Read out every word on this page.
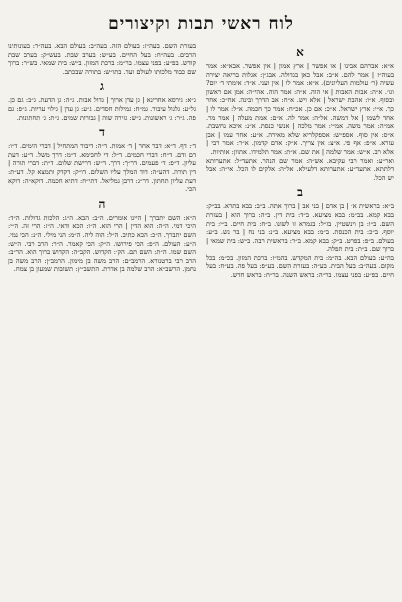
לוח ראשי תבות וקיצורים
א

א״א: אברהם אבינו | או אפשר | ארץ אמון | אין אפשר. אבא״א: אמר בעוה״ז | אמר להם. א״ב: אבל כאן בגדולה. אבג״ן: אגלות בריאה יצירה עשיה (ר׳ עולמות העליונים). א״א: אמר לו | אין ועני. א״ד: אימתי ד׳ יום? וגו׳. א״ה: אבות האבות | אי הוה. א״ה: אמר הוה. אהי״ה: אמן אם ראשון ובסוף. א״ו: אהבת ישראל | אלא ויש. א״ח: אב הדרך ובינה. אח״כ: אחר כך. א״י: ארץ ישראל. א״כ: אם כן. אכ״ח: אמר כך חכמה. א״ל: אמר לו | אחד לשמו | אל דמשה. אל״ה: אמר לה. א״ם: אמת מעלה | אמר מר. אמ״ה: אמר משה. אמ״י: אמר מלכה | אנשי כנסת. א״נ: איכא נחשבת. א״ס: אין סוף. אספ״ש: אספקלריא שלא מאירה. א״ע: אחר עמו | אבן עזרא. א״פ: אף פי. א״צ: אין צריך. א״ק: אדם קדמון. א״ר: אמר רבי | אלא רב. א״ש: אמר שלמה | את שם. א״ת: אמר תלמידו. אתוון: אותיות.

ואר״ע: ואמר רבי עקיבא. אש״ה: אמר שם הנהר. אתעד״ל: אתערותא דלתתא. אתעד״ע: אתערותא דלעילא. אל״ה: אלקים לו הכל. אי״ה: אבל יש הכל.

ב

ב״א: בראשית א׳ | בן אדם | בני אב | ברוך אתה. ב״ב: בבא בתרא. בב״ק: בבא קמא. בב״מ: בבא מציעא. ב״ד: בית דין. ב״ה: ברוך הוא | בעזרת השם. ב״ו: בן וינשטיין. בז״ל: בגמרא זו לשונו. ב״ח: בית חיים. ב״י: בית יוסף. ב״כ: בית הכנסת. ב״מ: בבא מציעא. ב״נ: בני נח | בר נש. ב״ע: בעולם. ב״פ: בפרט. ב״ק: בבא קמא. ב״ר: בראשית רבה. ב״ש: בית שמאי | ברוך שם. ב״ת: בית תפלה.

בה״ע: בעולם הבא. בה״מ: בית המקדש. בהמ״ז: ברכת המזון. בכ״מ: בכל מקום. בעה״ב: בעל הבית. בע״ה: בעזרת השם. בע״פ: בעל פה. בע״ח: בעל חיים. בפ״ע: בפני עצמו. בר״ה: בראש השנה. בר״ח: בראש חדש.

בעזרת השם. בעה״ז: בעולם הזה. בעה״ב: בעולם הבא. בעה״ר: בעונותינו הרבים. בעה״ח: בעל החיים. בע״ש: בערב שבת. בעש״ק: בערב שבת קודש. בפ״ע: בפני עצמו. בר״מ: ברכת המזון. ב״ש: בית שמאי. בש״ר: ברוך שם כבוד מלכותו לעולם ועד. בתו״ש: בתורה שבכתב.

ג

ג״א: גירסא אחרינא | גן עדן ארוך | גדול אבות. ג״ה: גן הדעת. ג״ב: גם כן. גל״ע: גלגול עיבור. גמ״ח: גמילות חסדים. ג״ע: גן עדן | גילוי עריות. ג״פ: גם פה. ג״ר: ג׳ ראשונות. ג״ש: גזירה שוה | גבורות שמים. ג״ת: ג׳ תחתונות.

ד

ד׳: דף. ד״א: דבר אחר | ד׳ אמות. ד״ה: דיבור המתחיל | דברי הימים. ד״ו: דם ודם. ד״ח: דברי חכמים. ד״ל: די לחכימא. ד״מ: דרך משל. ד״ע: דעת עליון. ד״פ: ד׳ פעמים. דר״ך: דרך. ד״ש: דרישת שלום. ד״ת: דברי תורה | דין תורה. דהע״ה: דוד המלך עליו השלום. דו״ק: דקדק ותמצא קל. דע״ת: דעת עליון תחתון. דר״ג: דרבן גמליאל. דתי״ח: דתיא חכמה. דוקא״ה: דוקא הכי.

ה

ה״א: השם יתברך | היינו אומרים. ה״ב: הבא. ה״ג: הלכות גדולות. ה״ד: היכי דמי. ה״ה: הוא הדין | הרי הוא. ה״ו: הכא ודאי. ה״ז: הרי זה. ה״י: השם יתברך. ה״כ: הכא כתיב. ה״ל: הוה ליה. ה״מ: הני מילי. ה״נ: הכי נמי. ה״ע: העולם. ה״פ: הכי פירושו. ה״ק: הכי קאמר. ה״ר: הרב רבי. ה״ש: השם שמו. ה״ת: השם תם. הק׳: הקדוש. הקב״ה: הקדוש ברוך הוא. הר״ב: הרב רבי ברטנורא. הרמב״ם: הרב משה בן מימון. הרמב״ן: הרב משה בן נחמן. הרשב״א: הרב שלמה בן אדרת. התשב״ץ: תשובות שמעון בן צמח.
